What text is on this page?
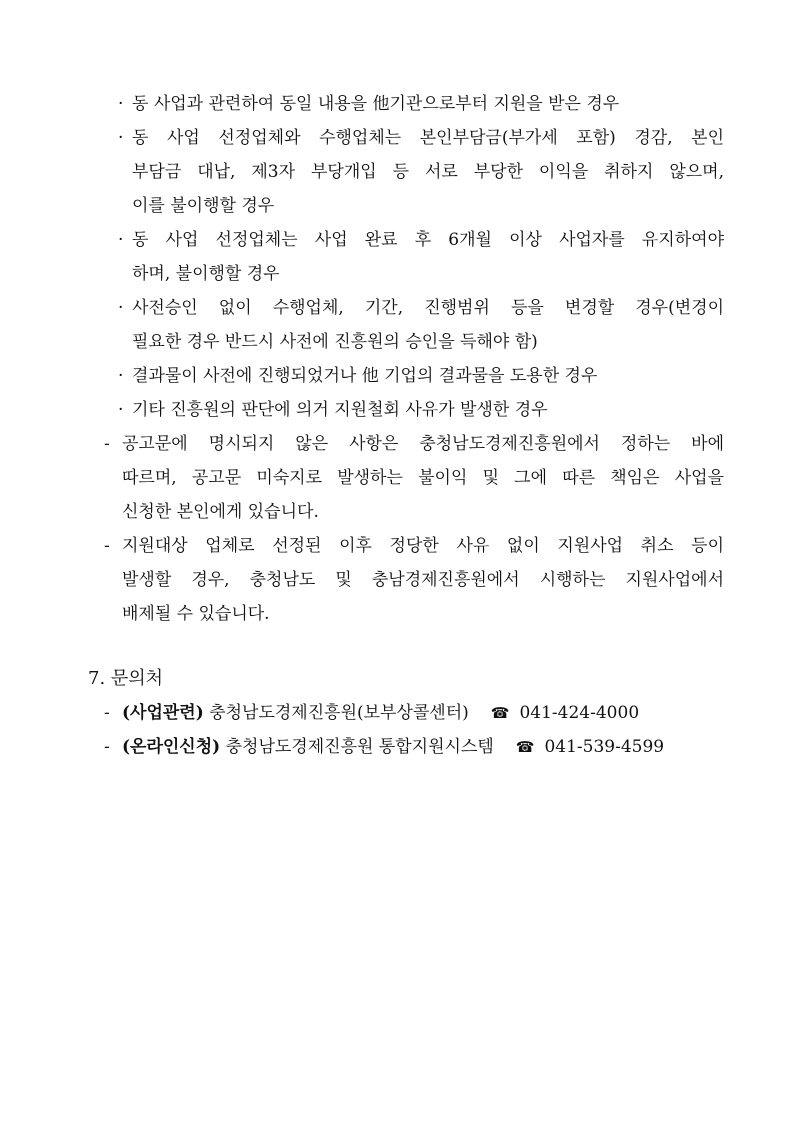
· 동 사업과 관련하여 동일 내용을 他기관으로부터 지원을 받은 경우
· 동 사업 선정업체와 수행업체는 본인부담금(부가세 포함) 경감, 본인
부담금 대납, 제3자 부당개입 등 서로 부당한 이익을 취하지 않으며,
이를 불이행할 경우
· 동 사업 선정업체는 사업 완료 후 6개월 이상 사업자를 유지하여야
하며, 불이행할 경우
· 사전승인 없이 수행업체, 기간, 진행범위 등을 변경할 경우(변경이
필요한 경우 반드시 사전에 진흥원의 승인을 득해야 함)
· 결과물이 사전에 진행되었거나 他 기업의 결과물을 도용한 경우
· 기타 진흥원의 판단에 의거 지원철회 사유가 발생한 경우
- 공고문에 명시되지 않은 사항은 충청남도경제진흥원에서 정하는 바에
따르며, 공고문 미숙지로 발생하는 불이익 및 그에 따른 책임은 사업을
신청한 본인에게 있습니다.
- 지원대상 업체로 선정된 이후 정당한 사유 없이 지원사업 취소 등이
발생할 경우, 충청남도 및 충남경제진흥원에서 시행하는 지원사업에서
배제될 수 있습니다.
7. 문의처
- (사업관련) 충청남도경제진흥원(보부상콜센터) ☎ 041-424-4000
- (온라인신청) 충청남도경제진흥원 통합지원시스템 ☎ 041-539-4599
